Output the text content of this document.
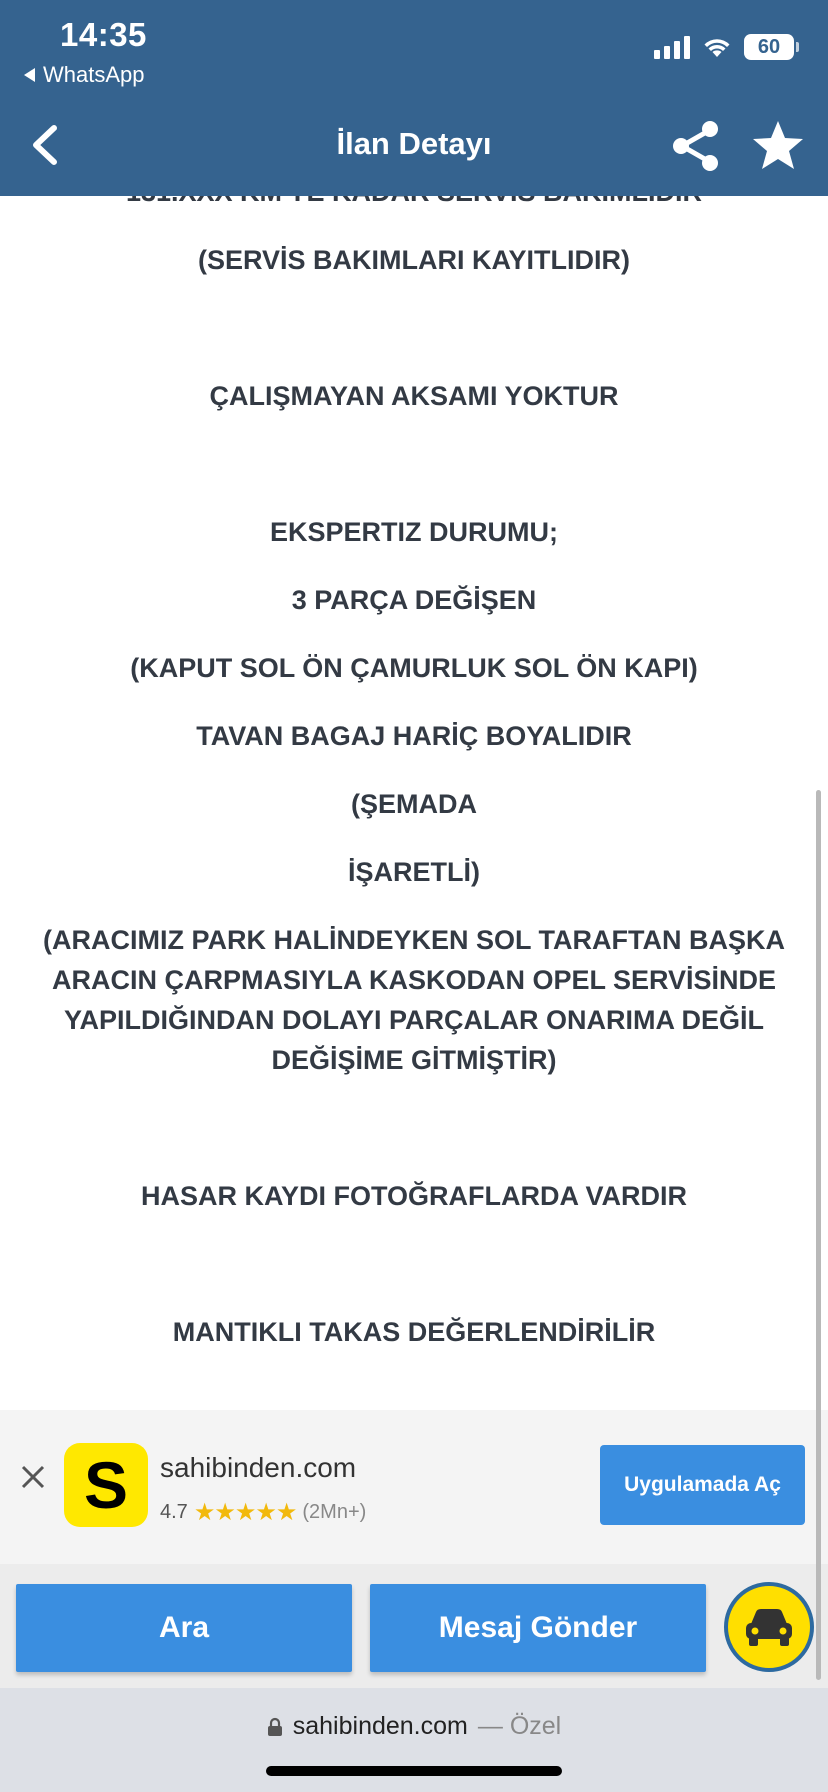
14:35
WhatsApp
60
İlan Detayı
(SERVİS BAKIMLARI KAYITLIDIR)
ÇALIŞMAYAN AKSAMI YOKTUR
EKSPERTIZ DURUMU;
3 PARÇA DEĞİŞEN
(KAPUT SOL ÖN ÇAMURLUK SOL ÖN KAPI)
TAVAN BAGAJ HARİÇ BOYALIDIR
(ŞEMADA
İŞARETLİ)
(ARACIMIZ PARK HALİNDEYKEN SOL TARAFTAN BAŞKA ARACIN ÇARPMASIYLA KASKODAN OPEL SERVİSİNDE YAPILDIĞINDAN DOLAYI PARÇALAR ONARIMA DEĞİL DEĞİŞİME GİTMİŞTİR)
HASAR KAYDI FOTOĞRAFLARDA VARDIR
MANTIKLI TAKAS DEĞERLENDİRİLİR
S	sahibinden.com
4.7 ★★★★★ (2Mn+)
Uygulamada Aç
Ara	Mesaj Gönder
sahibinden.com — Özel
